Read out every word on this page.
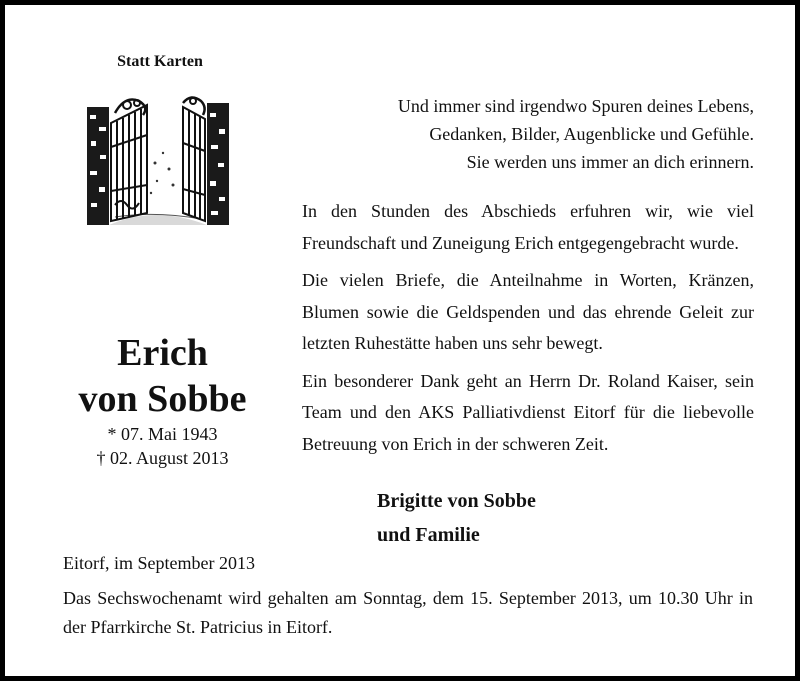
Statt Karten
Erich
von Sobbe
* 07. Mai 1943
† 02. August 2013
Und immer sind irgendwo Spuren deines Lebens,
Gedanken, Bilder, Augenblicke und Gefühle.
Sie werden uns immer an dich erinnern.

In den Stunden des Abschieds erfuhren wir, wie viel Freundschaft und Zuneigung Erich entgegengebracht wurde.

Die vielen Briefe, die Anteilnahme in Worten, Kränzen, Blumen sowie die Geldspenden und das ehrende Geleit zur letzten Ruhestätte haben uns sehr bewegt.

Ein besonderer Dank geht an Herrn Dr. Roland Kaiser, sein Team und den AKS Palliativdienst Eitorf für die liebevolle Betreuung von Erich in der schweren Zeit.

Brigitte von Sobbe
und Familie
Eitorf, im September 2013
Das Sechswochenamt wird gehalten am Sonntag, dem 15. September 2013, um 10.30 Uhr in der Pfarrkirche St. Patricius in Eitorf.
